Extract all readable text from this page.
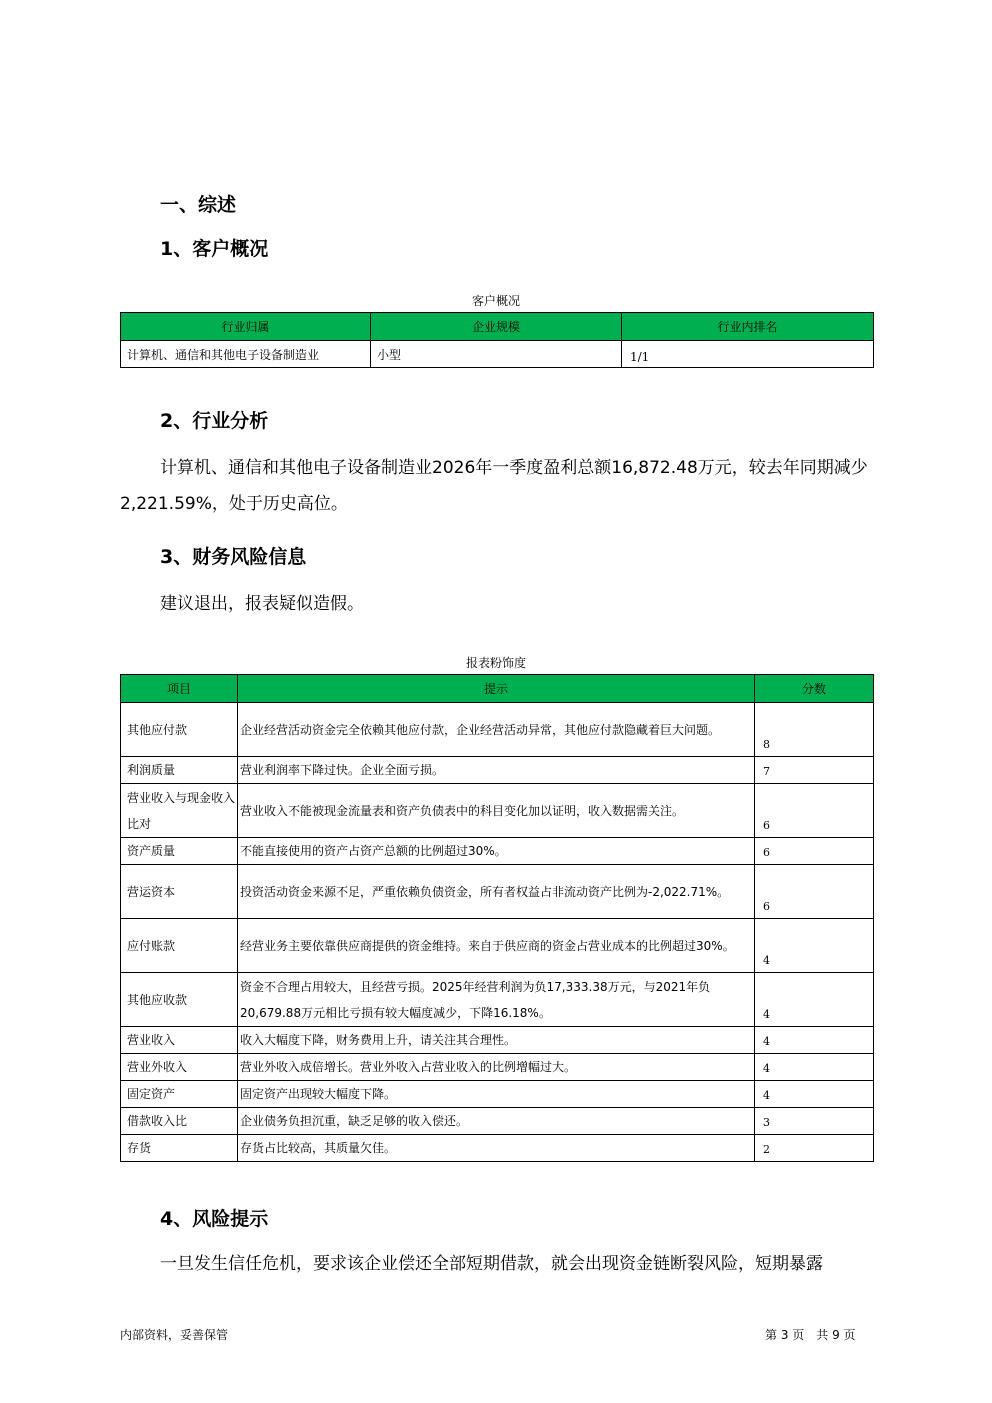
一、综述
1、客户概况
客户概况
行业归属	企业规模	行业内排名
计算机、通信和其他电子设备制造业	小型	1/1
2、行业分析
计算机、通信和其他电子设备制造业2026年一季度盈利总额16,872.48万元，较去年同期减少2,221.59%，处于历史高位。
3、财务风险信息
建议退出，报表疑似造假。
报表粉饰度
项目	提示	分数
其他应付款	企业经营活动资金完全依赖其他应付款，企业经营活动异常，其他应付款隐藏着巨大问题。	8
利润质量	营业利润率下降过快。企业全面亏损。	7
营业收入与现金收入比对	营业收入不能被现金流量表和资产负债表中的科目变化加以证明，收入数据需关注。	6
资产质量	不能直接使用的资产占资产总额的比例超过30%。	6
营运资本	投资活动资金来源不足，严重依赖负债资金，所有者权益占非流动资产比例为-2,022.71%。	6
应付账款	经营业务主要依靠供应商提供的资金维持。来自于供应商的资金占营业成本的比例超过30%。	4
其他应收款	资金不合理占用较大，且经营亏损。2025年经营利润为负17,333.38万元，与2021年负20,679.88万元相比亏损有较大幅度减少，下降16.18%。	4
营业收入	收入大幅度下降，财务费用上升，请关注其合理性。	4
营业外收入	营业外收入成倍增长。营业外收入占营业收入的比例增幅过大。	4
固定资产	固定资产出现较大幅度下降。	4
借款收入比	企业债务负担沉重，缺乏足够的收入偿还。	3
存货	存货占比较高，其质量欠佳。	2
4、风险提示
一旦发生信任危机，要求该企业偿还全部短期借款，就会出现资金链断裂风险，短期暴露
内部资料，妥善保管	第 3 页　共 9 页
